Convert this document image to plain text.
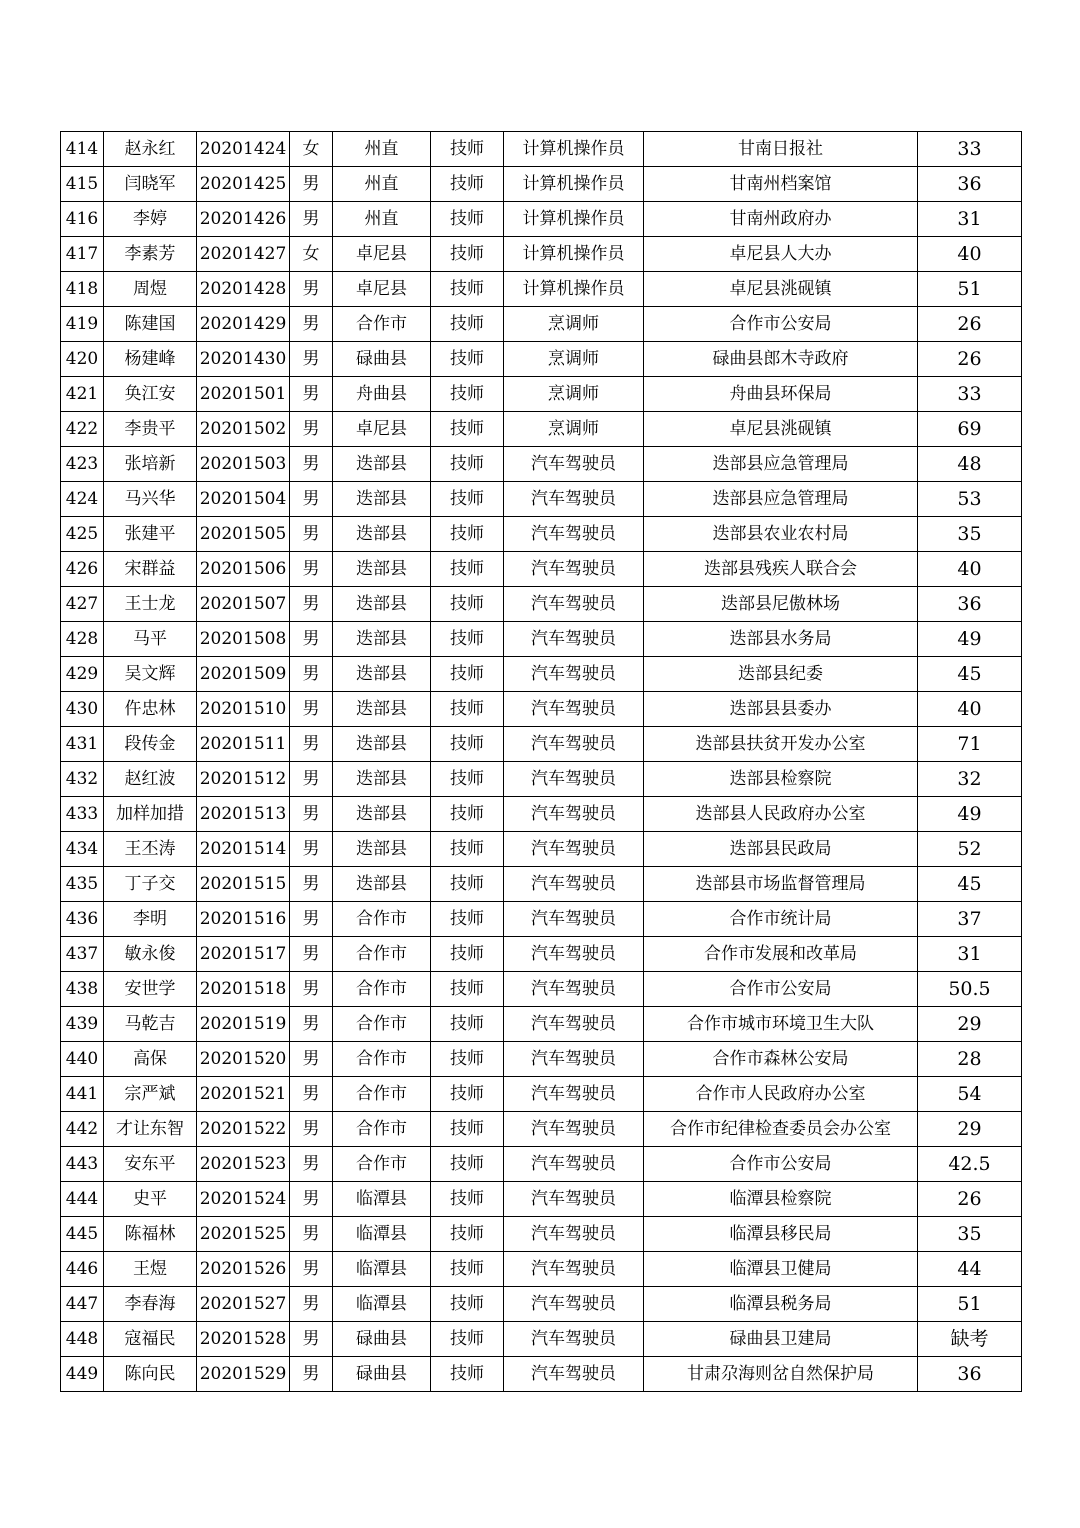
414	赵永红	20201424	女	州直	技师	计算机操作员	甘南日报社	33
415	闫晓军	20201425	男	州直	技师	计算机操作员	甘南州档案馆	36
416	李婷	20201426	男	州直	技师	计算机操作员	甘南州政府办	31
417	李素芳	20201427	女	卓尼县	技师	计算机操作员	卓尼县人大办	40
418	周煜	20201428	男	卓尼县	技师	计算机操作员	卓尼县洮砚镇	51
419	陈建国	20201429	男	合作市	技师	烹调师	合作市公安局	26
420	杨建峰	20201430	男	碌曲县	技师	烹调师	碌曲县郎木寺政府	26
421	奂江安	20201501	男	舟曲县	技师	烹调师	舟曲县环保局	33
422	李贵平	20201502	男	卓尼县	技师	烹调师	卓尼县洮砚镇	69
423	张培新	20201503	男	迭部县	技师	汽车驾驶员	迭部县应急管理局	48
424	马兴华	20201504	男	迭部县	技师	汽车驾驶员	迭部县应急管理局	53
425	张建平	20201505	男	迭部县	技师	汽车驾驶员	迭部县农业农村局	35
426	宋群益	20201506	男	迭部县	技师	汽车驾驶员	迭部县残疾人联合会	40
427	王士龙	20201507	男	迭部县	技师	汽车驾驶员	迭部县尼傲林场	36
428	马平	20201508	男	迭部县	技师	汽车驾驶员	迭部县水务局	49
429	吴文辉	20201509	男	迭部县	技师	汽车驾驶员	迭部县纪委	45
430	仵忠林	20201510	男	迭部县	技师	汽车驾驶员	迭部县县委办	40
431	段传金	20201511	男	迭部县	技师	汽车驾驶员	迭部县扶贫开发办公室	71
432	赵红波	20201512	男	迭部县	技师	汽车驾驶员	迭部县检察院	32
433	加样加措	20201513	男	迭部县	技师	汽车驾驶员	迭部县人民政府办公室	49
434	王丕涛	20201514	男	迭部县	技师	汽车驾驶员	迭部县民政局	52
435	丁子交	20201515	男	迭部县	技师	汽车驾驶员	迭部县市场监督管理局	45
436	李明	20201516	男	合作市	技师	汽车驾驶员	合作市统计局	37
437	敏永俊	20201517	男	合作市	技师	汽车驾驶员	合作市发展和改革局	31
438	安世学	20201518	男	合作市	技师	汽车驾驶员	合作市公安局	50.5
439	马乾吉	20201519	男	合作市	技师	汽车驾驶员	合作市城市环境卫生大队	29
440	高保	20201520	男	合作市	技师	汽车驾驶员	合作市森林公安局	28
441	宗严斌	20201521	男	合作市	技师	汽车驾驶员	合作市人民政府办公室	54
442	才让东智	20201522	男	合作市	技师	汽车驾驶员	合作市纪律检查委员会办公室	29
443	安东平	20201523	男	合作市	技师	汽车驾驶员	合作市公安局	42.5
444	史平	20201524	男	临潭县	技师	汽车驾驶员	临潭县检察院	26
445	陈福林	20201525	男	临潭县	技师	汽车驾驶员	临潭县移民局	35
446	王煜	20201526	男	临潭县	技师	汽车驾驶员	临潭县卫健局	44
447	李春海	20201527	男	临潭县	技师	汽车驾驶员	临潭县税务局	51
448	寇福民	20201528	男	碌曲县	技师	汽车驾驶员	碌曲县卫建局	缺考
449	陈向民	20201529	男	碌曲县	技师	汽车驾驶员	甘肃尕海则岔自然保护局	36
